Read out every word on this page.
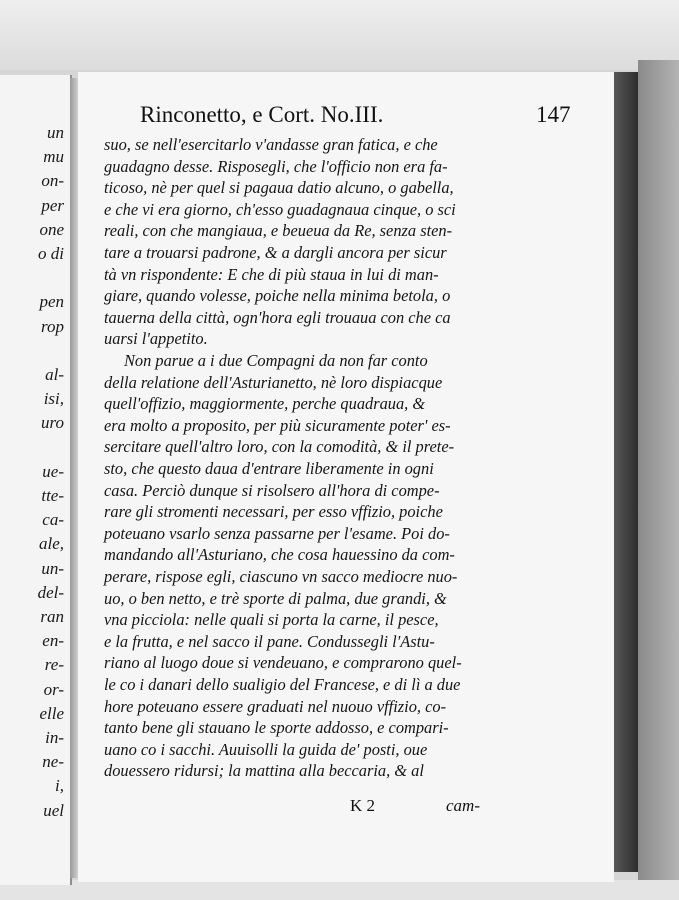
un
mu
on-
per
one
o di
pen
rop
al-
isi,
uro
ue-
tte-
ca-
ale,
un-
del-
ran
en-
re-
or-
elle
in-
ne-
i,
uel
Rinconetto, e Cort. No.III.	147
suo, se nell'esercitarlo v'andasse gran fatica, e che
guadagno desse. Risposegli, che l'officio non era fa-
ticoso, nè per quel si pagaua datio alcuno, o gabella,
e che vi era giorno, ch'esso guadagnaua cinque, o sci
reali, con che mangiaua, e beueua da Re, senza sten-
tare a trouarsi padrone, & a dargli ancora per sicur
tà vn rispondente: E che di più staua in lui di man-
giare, quando volesse, poiche nella minima betola, o
tauerna della città, ogn'hora egli trouaua con che ca
uarsi l'appetito.
Non parue a i due Compagni da non far conto
della relatione dell'Asturianetto, nè loro dispiacque
quell'offizio, maggiormente, perche quadraua, &
era molto a proposito, per più sicuramente poter' es-
sercitare quell'altro loro, con la comodità, & il prete-
sto, che questo daua d'entrare liberamente in ogni
casa. Perciò dunque si risolsero all'hora di compe-
rare gli stromenti necessari, per esso vffizio, poiche
poteuano vsarlo senza passarne per l'esame. Poi do-
mandando all'Asturiano, che cosa hauessino da com-
perare, rispose egli, ciascuno vn sacco mediocre nuo-
uo, o ben netto, e trè sporte di palma, due grandi, &
vna picciola: nelle quali si porta la carne, il pesce,
e la frutta, e nel sacco il pane. Condussegli l'Astu-
riano al luogo doue si vendeuano, e comprarono quel-
le co i danari dello sualigio del Francese, e di lì a due
hore poteuano essere graduati nel nuouo vffizio, co-
tanto bene gli stauano le sporte addosso, e compari-
uano co i sacchi. Auuisolli la guida de' posti, oue
douessero ridursi; la mattina alla beccaria, & al
K 2	cam-
